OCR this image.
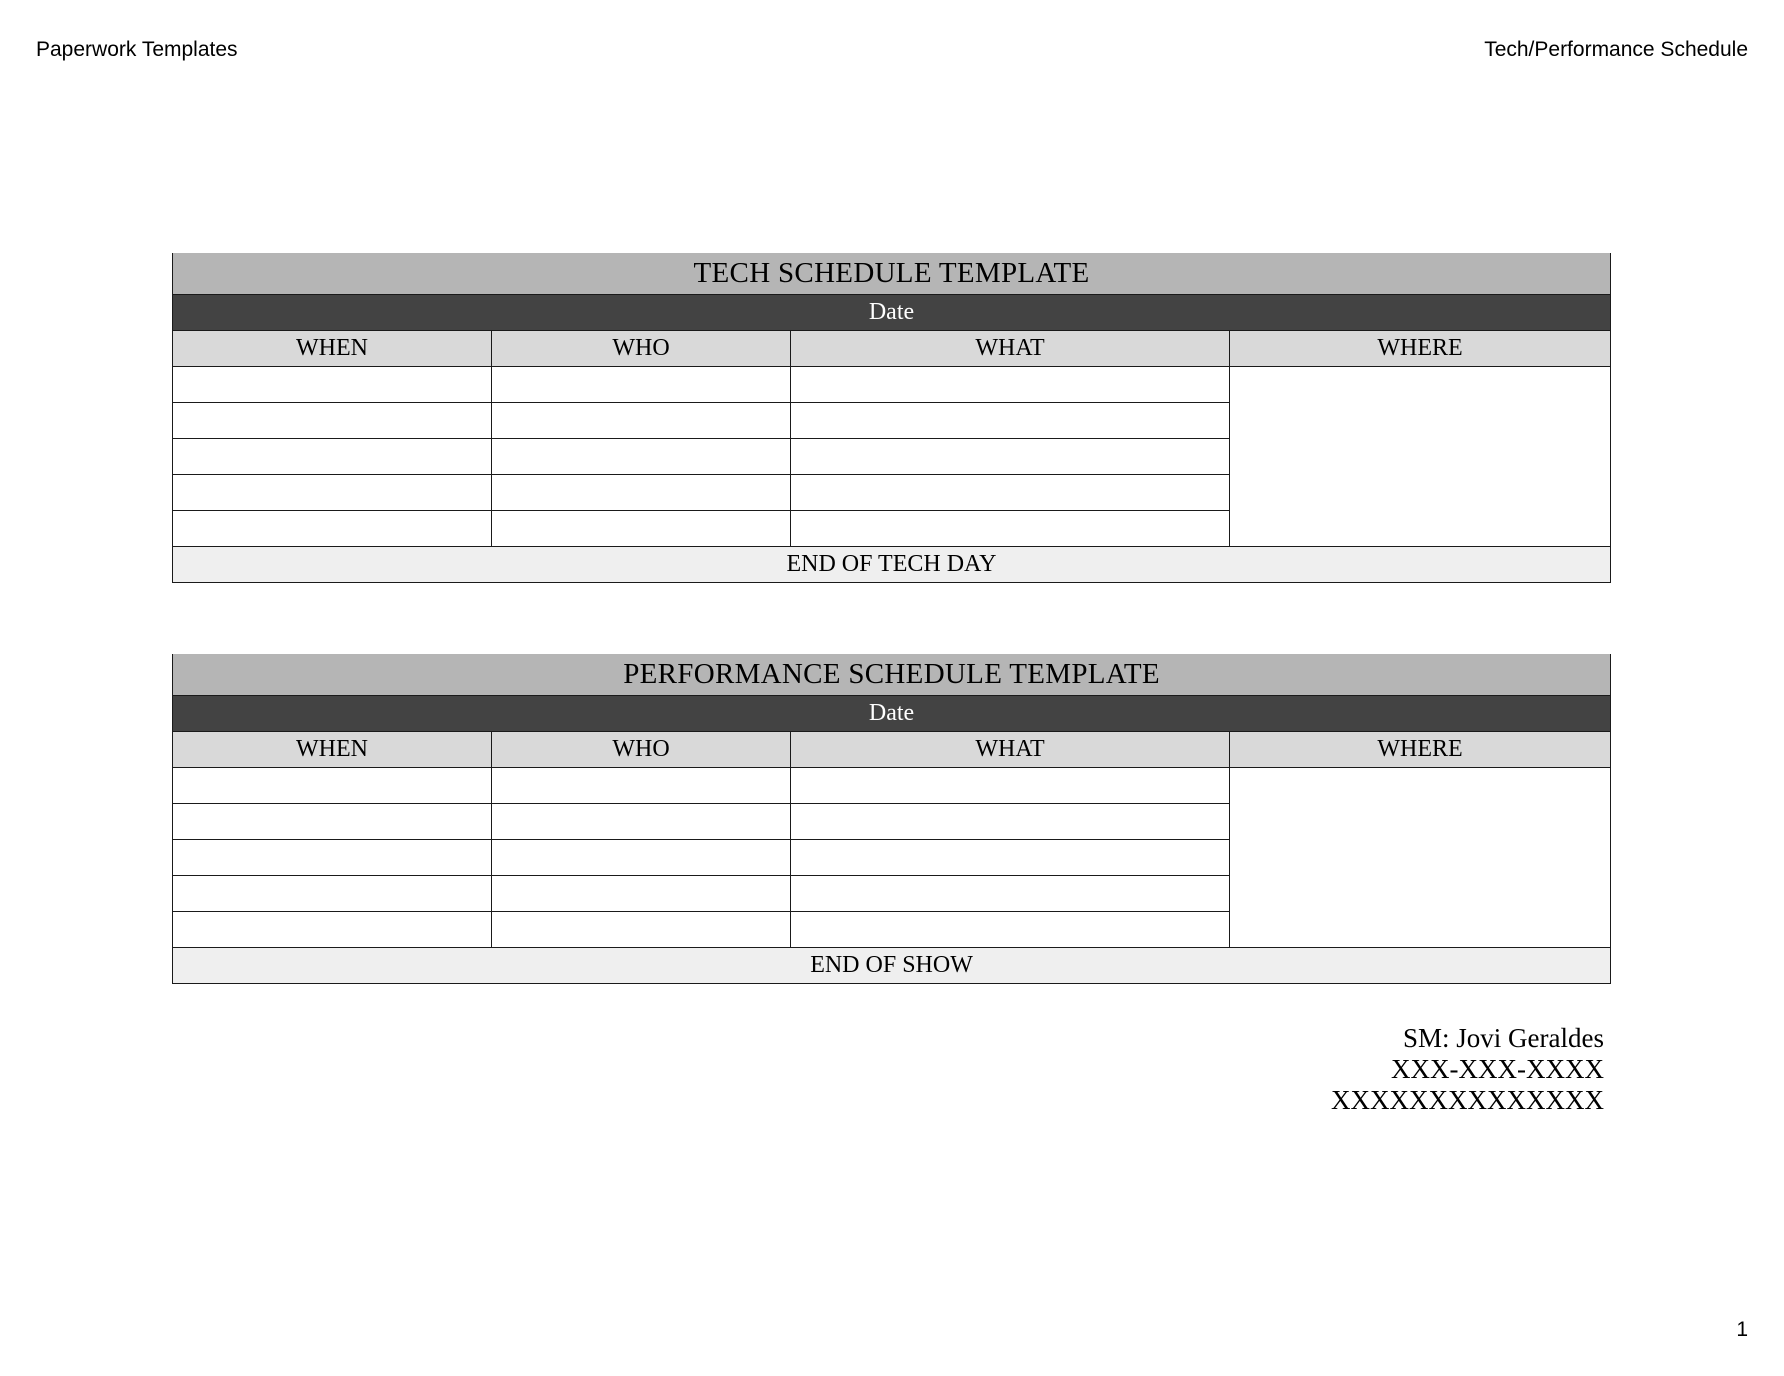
Paperwork Templates	Tech/Performance Schedule
TECH SCHEDULE TEMPLATE			
Date			
WHEN	WHO	WHAT	WHERE

END OF TECH DAY			
PERFORMANCE SCHEDULE TEMPLATE			
Date			
WHEN	WHO	WHAT	WHERE

END OF SHOW			
SM: Jovi Geraldes
XXX-XXX-XXXX
XXXXXXXXXXXXXX
1
